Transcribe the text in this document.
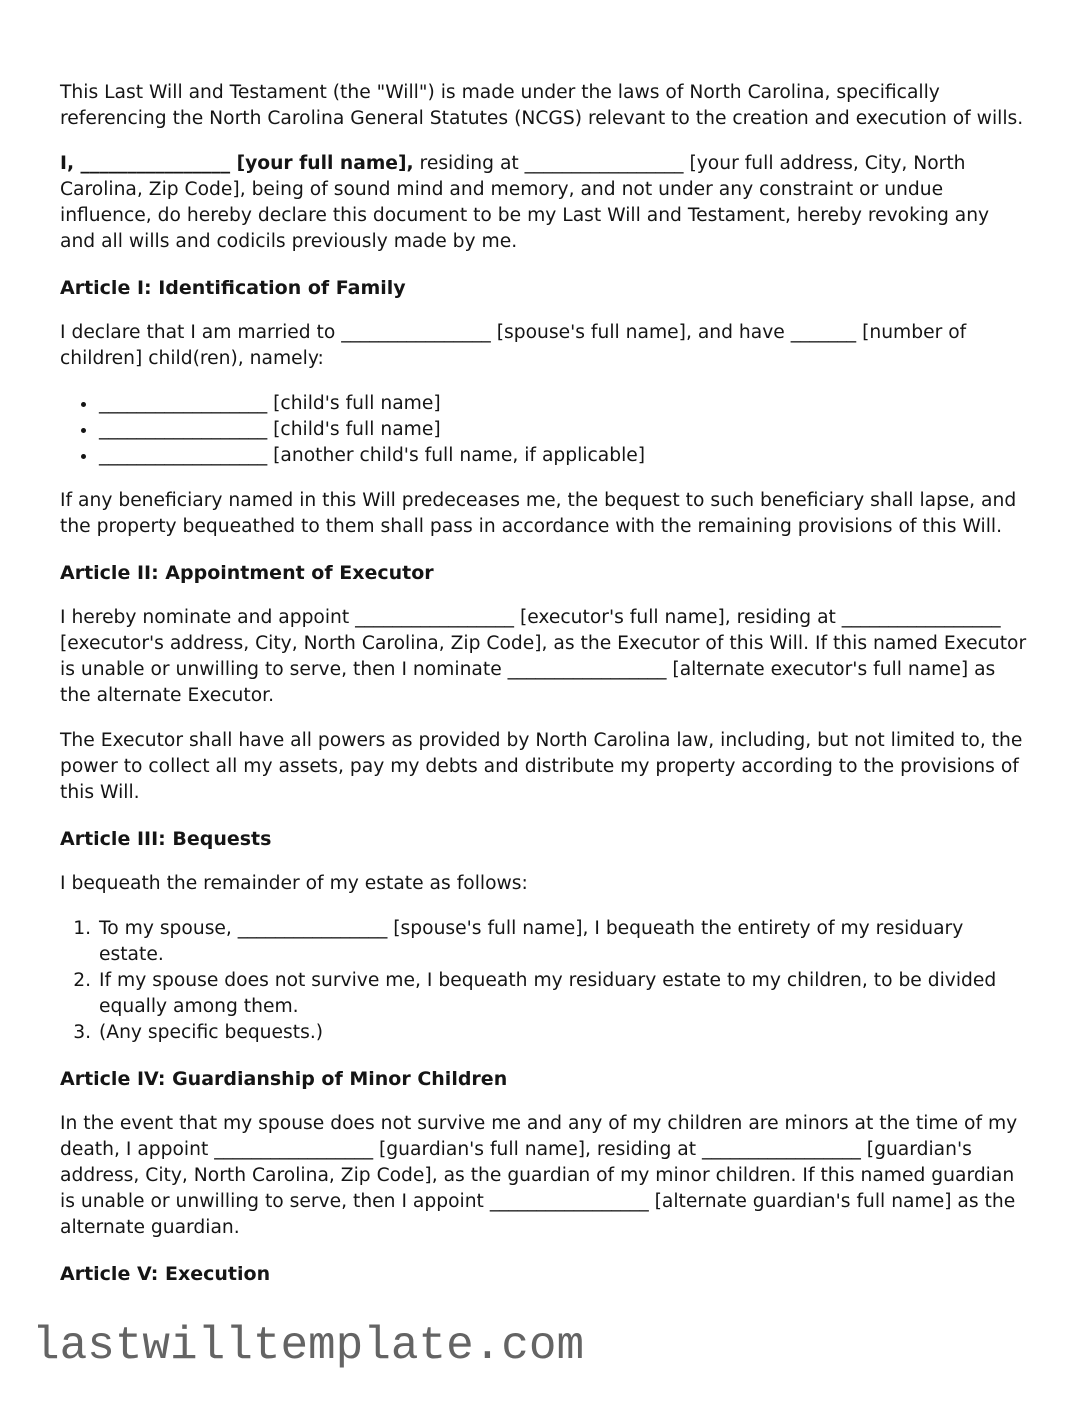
This Last Will and Testament (the "Will") is made under the laws of North Carolina, specifically referencing the North Carolina General Statutes (NCGS) relevant to the creation and execution of wills.

I, ________________ [your full name], residing at _________________ [your full address, City, North Carolina, Zip Code], being of sound mind and memory, and not under any constraint or undue influence, do hereby declare this document to be my Last Will and Testament, hereby revoking any and all wills and codicils previously made by me.

Article I: Identification of Family

I declare that I am married to ________________ [spouse's full name], and have _______ [number of children] child(ren), namely:

• __________________ [child's full name]
• __________________ [child's full name]
• __________________ [another child's full name, if applicable]

If any beneficiary named in this Will predeceases me, the bequest to such beneficiary shall lapse, and the property bequeathed to them shall pass in accordance with the remaining provisions of this Will.

Article II: Appointment of Executor

I hereby nominate and appoint _________________ [executor's full name], residing at _________________ [executor's address, City, North Carolina, Zip Code], as the Executor of this Will. If this named Executor is unable or unwilling to serve, then I nominate _________________ [alternate executor's full name] as the alternate Executor.

The Executor shall have all powers as provided by North Carolina law, including, but not limited to, the power to collect all my assets, pay my debts and distribute my property according to the provisions of this Will.

Article III: Bequests

I bequeath the remainder of my estate as follows:

1. To my spouse, ________________ [spouse's full name], I bequeath the entirety of my residuary estate.
2. If my spouse does not survive me, I bequeath my residuary estate to my children, to be divided equally among them.
3. (Any specific bequests.)
Article IV: Guardianship of Minor Children

In the event that my spouse does not survive me and any of my children are minors at the time of my death, I appoint _________________ [guardian's full name], residing at _________________ [guardian's address, City, North Carolina, Zip Code], as the guardian of my minor children. If this named guardian is unable or unwilling to serve, then I appoint _________________ [alternate guardian's full name] as the alternate guardian.

Article V: Execution
lastwilltemplate.com
